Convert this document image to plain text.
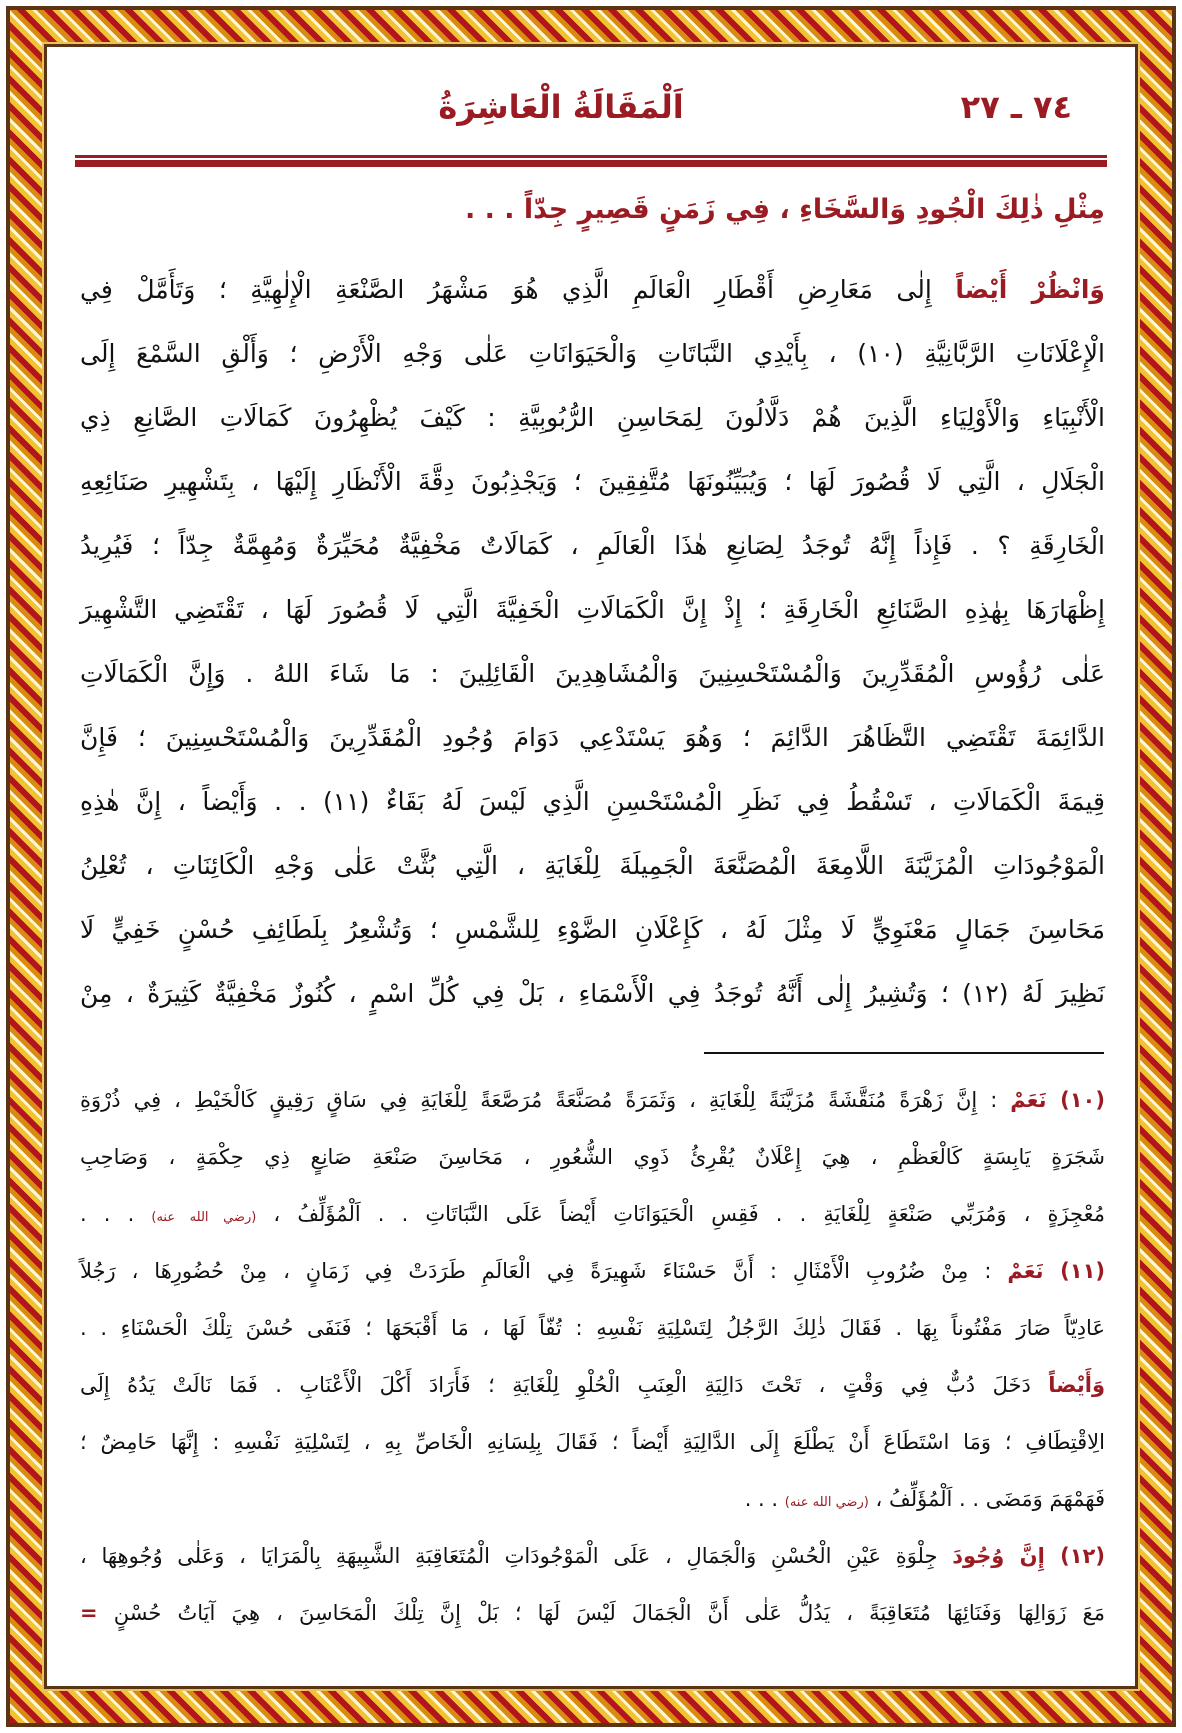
٧٤ ـ ٢٧
اَلْمَقَالَةُ الْعَاشِرَةُ
مِثْلِ ذٰلِكَ الْجُودِ وَالسَّخَاءِ ، فِي زَمَنٍ قَصِيرٍ جِدّاً . . .
وَانْظُرْ أَيْضاً إِلٰى مَعَارِضِ أَقْطَارِ الْعَالَمِ الَّذِي هُوَ مَشْهَرُ الصَّنْعَةِ الْإِلٰهِيَّةِ ؛ وَتَأَمَّلْ فِي
الْإِعْلَانَاتِ الرَّبَّانِيَّةِ (١٠) ، بِأَيْدِي النَّبَاتَاتِ وَالْحَيَوَانَاتِ عَلٰى وَجْهِ الْأَرْضِ ؛ وَأَلْقِ السَّمْعَ إِلَى
الْأَنْبِيَاءِ وَالْأَوْلِيَاءِ الَّذِينَ هُمْ دَلَّالُونَ لِمَحَاسِنِ الرُّبُوبِيَّةِ : كَيْفَ يُظْهِرُونَ كَمَالَاتِ الصَّانِعِ ذِي
الْجَلَالِ ، الَّتِي لَا قُصُورَ لَهَا ؛ وَيُبَيِّنُونَهَا مُتَّفِقِينَ ؛ وَيَجْذِبُونَ دِقَّةَ الْأَنْظَارِ إِلَيْهَا ، بِتَشْهِيرِ صَنَائِعِهِ
الْخَارِقَةِ ؟ . فَإِذاً إِنَّهُ تُوجَدُ لِصَانِعِ هٰذَا الْعَالَمِ ، كَمَالَاتٌ مَخْفِيَّةٌ مُحَيِّرَةٌ وَمُهِمَّةٌ جِدّاً ؛ فَيُرِيدُ
إِظْهَارَهَا بِهٰذِهِ الصَّنَائِعِ الْخَارِقَةِ ؛ إِذْ إِنَّ الْكَمَالَاتِ الْخَفِيَّةَ الَّتِي لَا قُصُورَ لَهَا ، تَقْتَضِي التَّشْهِيرَ
عَلٰى رُؤُوسِ الْمُقَدِّرِينَ وَالْمُسْتَحْسِنِينَ وَالْمُشَاهِدِينَ الْقَائِلِينَ : مَا شَاءَ اللهُ . وَإِنَّ الْكَمَالَاتِ
الدَّائِمَةَ تَقْتَضِي التَّظَاهُرَ الدَّائِمَ ؛ وَهُوَ يَسْتَدْعِي دَوَامَ وُجُودِ الْمُقَدِّرِينَ وَالْمُسْتَحْسِنِينَ ؛ فَإِنَّ
قِيمَةَ الْكَمَالَاتِ ، تَسْقُطُ فِي نَظَرِ الْمُسْتَحْسِنِ الَّذِي لَيْسَ لَهُ بَقَاءٌ (١١) . . وَأَيْضاً ، إِنَّ هٰذِهِ
الْمَوْجُودَاتِ الْمُزَيَّنَةَ اللَّامِعَةَ الْمُصَنَّعَةَ الْجَمِيلَةَ لِلْغَايَةِ ، الَّتِي بُثَّتْ عَلٰى وَجْهِ الْكَائِنَاتِ ، تُعْلِنُ
مَحَاسِنَ جَمَالٍ مَعْنَوِيٍّ لَا مِثْلَ لَهُ ، كَإِعْلَانِ الضَّوْءِ لِلشَّمْسِ ؛ وَتُشْعِرُ بِلَطَائِفِ حُسْنٍ خَفِيٍّ لَا
نَظِيرَ لَهُ (١٢) ؛ وَتُشِيرُ إِلٰى أَنَّهُ تُوجَدُ فِي الْأَسْمَاءِ ، بَلْ فِي كُلِّ اسْمٍ ، كُنُوزٌ مَخْفِيَّةٌ كَثِيرَةٌ ، مِنْ
(١٠) نَعَمْ : إِنَّ زَهْرَةً مُنَقَّشَةً مُزَيَّنَةً لِلْغَايَةِ ، وَثَمَرَةً مُصَنَّعَةً مُرَصَّعَةً لِلْغَايَةِ فِي سَاقٍ رَقِيقٍ كَالْخَيْطِ ، فِي ذُرْوَةِ
شَجَرَةٍ يَابِسَةٍ كَالْعَظْمِ ، هِيَ إِعْلَانٌ يُقْرِئُ ذَوِي الشُّعُورِ ، مَحَاسِنَ صَنْعَةِ صَانِعٍ ذِي حِكْمَةٍ ، وَصَاحِبِ
مُعْجِزَةٍ ، وَمُرَبِّي صَنْعَةٍ لِلْغَايَةِ . . فَقِسِ الْحَيَوَانَاتِ أَيْضاً عَلَى النَّبَاتَاتِ . . اَلْمُؤَلِّفُ ، (رضي الله عنه) . . .
(١١) نَعَمْ : مِنْ ضُرُوبِ الْأَمْثَالِ : أَنَّ حَسْنَاءَ شَهِيرَةً فِي الْعَالَمِ طَرَدَتْ فِي زَمَانٍ ، مِنْ حُضُورِهَا ، رَجُلاً
عَادِيّاً صَارَ مَفْتُوناً بِهَا . فَقَالَ ذٰلِكَ الرَّجُلُ لِتَسْلِيَةِ نَفْسِهِ : تُفّاً لَهَا ، مَا أَقْبَحَهَا ؛ فَنَفَى حُسْنَ تِلْكَ الْحَسْنَاءِ . .
وَأَيْضاً دَخَلَ دُبٌّ فِي وَقْتٍ ، تَحْتَ دَالِيَةِ الْعِنَبِ الْحُلْوِ لِلْغَايَةِ ؛ فَأَرَادَ أَكْلَ الْأَعْنَابِ . فَمَا نَالَتْ يَدُهُ إِلَى
الِاقْتِطَافِ ؛ وَمَا اسْتَطَاعَ أَنْ يَطْلَعَ إِلَى الدَّالِيَةِ أَيْضاً ؛ فَقَالَ بِلِسَانِهِ الْخَاصِّ بِهِ ، لِتَسْلِيَةِ نَفْسِهِ : إِنَّهَا حَامِضٌ ؛
فَهَمْهَمَ وَمَضَى . . اَلْمُؤَلِّفُ ، (رضي الله عنه) . . .
(١٢) إِنَّ وُجُودَ جِلْوَةِ عَيْنِ الْحُسْنِ وَالْجَمَالِ ، عَلَى الْمَوْجُودَاتِ الْمُتَعَاقِبَةِ الشَّبِيهَةِ بِالْمَرَايَا ، وَعَلٰى وُجُوهِهَا ،
مَعَ زَوَالِهَا وَفَنَائِهَا مُتَعَاقِبَةً ، يَدُلُّ عَلٰى أَنَّ الْجَمَالَ لَيْسَ لَهَا ؛ بَلْ إِنَّ تِلْكَ الْمَحَاسِنَ ، هِيَ آيَاتُ حُسْنٍ =
